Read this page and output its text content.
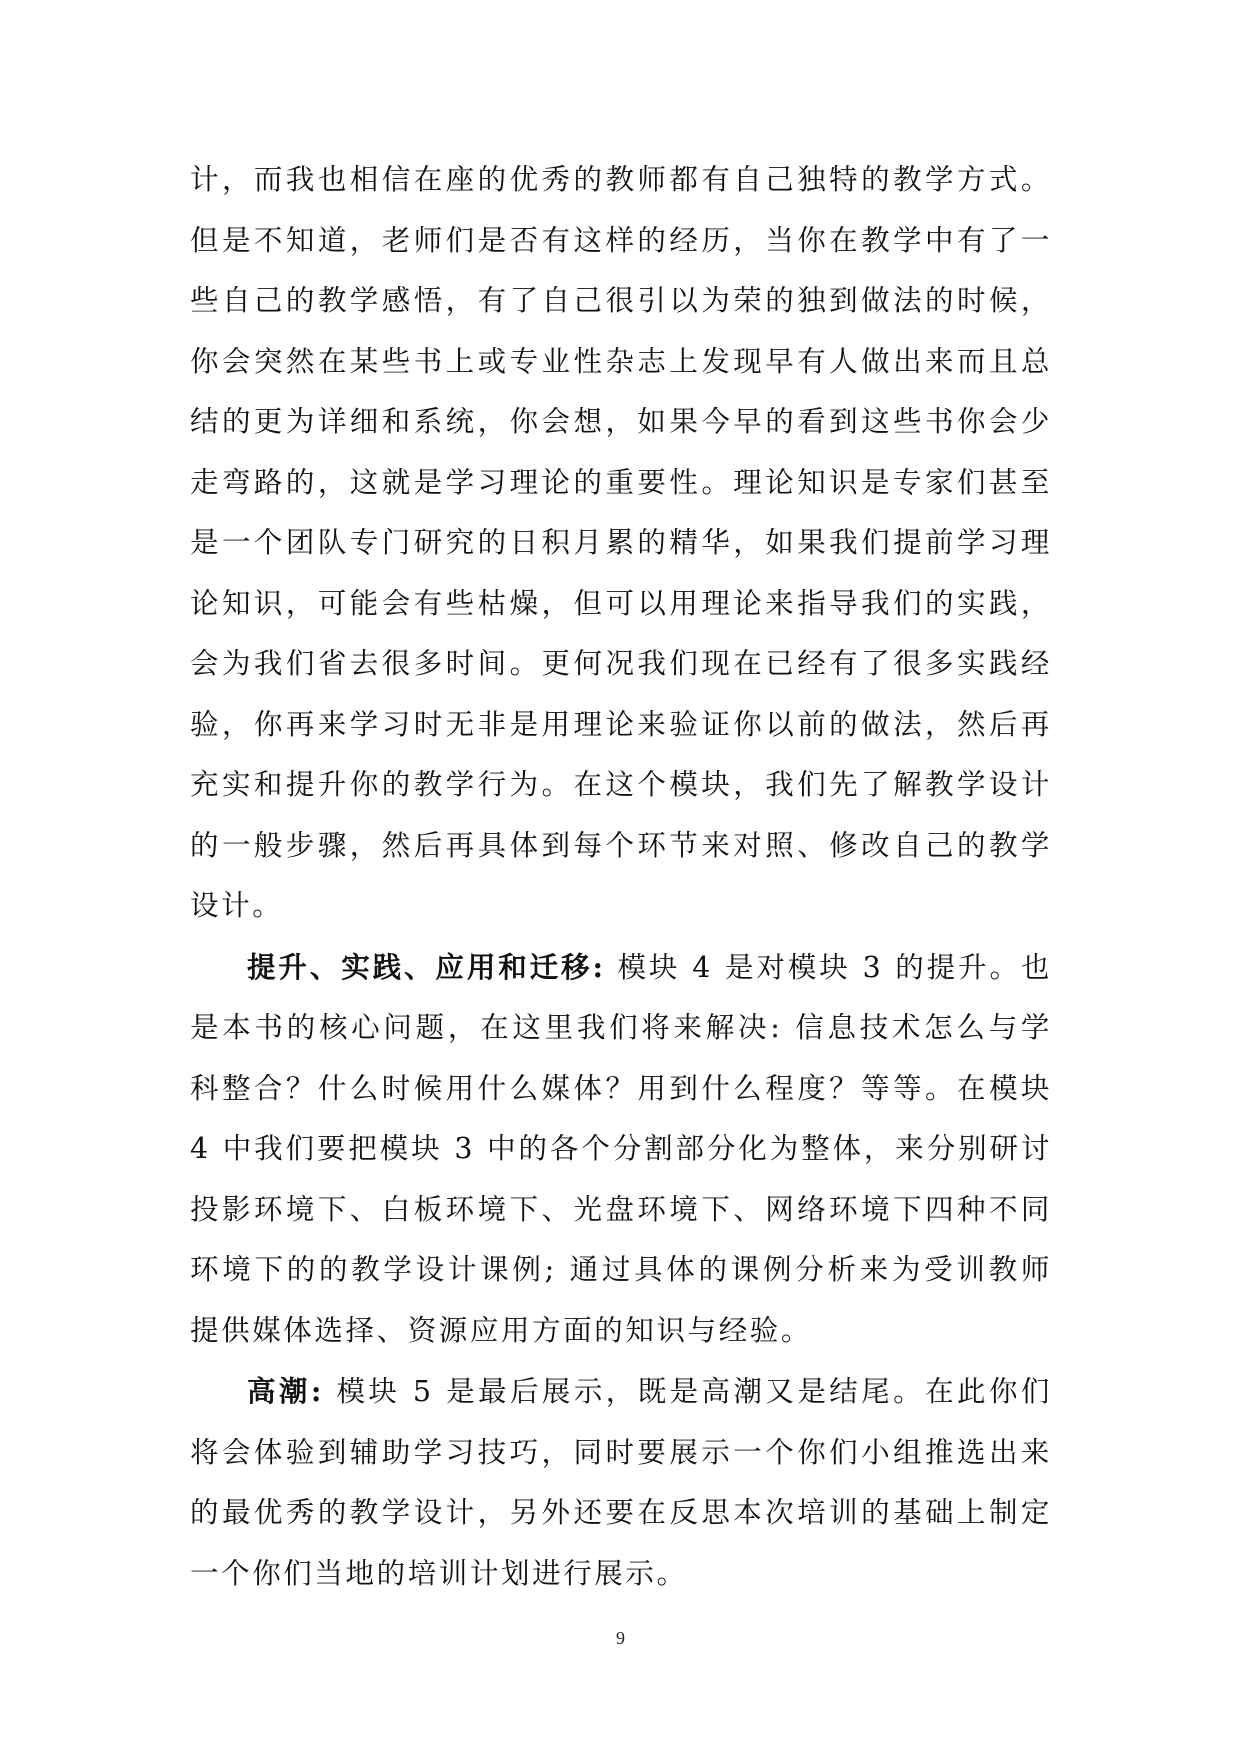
计，而我也相信在座的优秀的教师都有自己独特的教学方式。但是不知道，老师们是否有这样的经历，当你在教学中有了一些自己的教学感悟，有了自己很引以为荣的独到做法的时候，你会突然在某些书上或专业性杂志上发现早有人做出来而且总结的更为详细和系统，你会想，如果今早的看到这些书你会少走弯路的，这就是学习理论的重要性。理论知识是专家们甚至是一个团队专门研究的日积月累的精华，如果我们提前学习理论知识，可能会有些枯燥，但可以用理论来指导我们的实践，会为我们省去很多时间。更何况我们现在已经有了很多实践经验，你再来学习时无非是用理论来验证你以前的做法，然后再充实和提升你的教学行为。在这个模块，我们先了解教学设计的一般步骤，然后再具体到每个环节来对照、修改自己的教学设计。

提升、实践、应用和迁移: 模块 4 是对模块 3 的提升。也是本书的核心问题，在这里我们将来解决: 信息技术怎么与学科整合？什么时候用什么媒体？用到什么程度？等等。在模块 4 中我们要把模块 3 中的各个分割部分化为整体，来分别研讨投影环境下、白板环境下、光盘环境下、网络环境下四种不同环境下的的教学设计课例; 通过具体的课例分析来为受训教师提供媒体选择、资源应用方面的知识与经验。

高潮: 模块 5 是最后展示，既是高潮又是结尾。在此你们将会体验到辅助学习技巧，同时要展示一个你们小组推选出来的最优秀的教学设计，另外还要在反思本次培训的基础上制定一个你们当地的培训计划进行展示。

9
